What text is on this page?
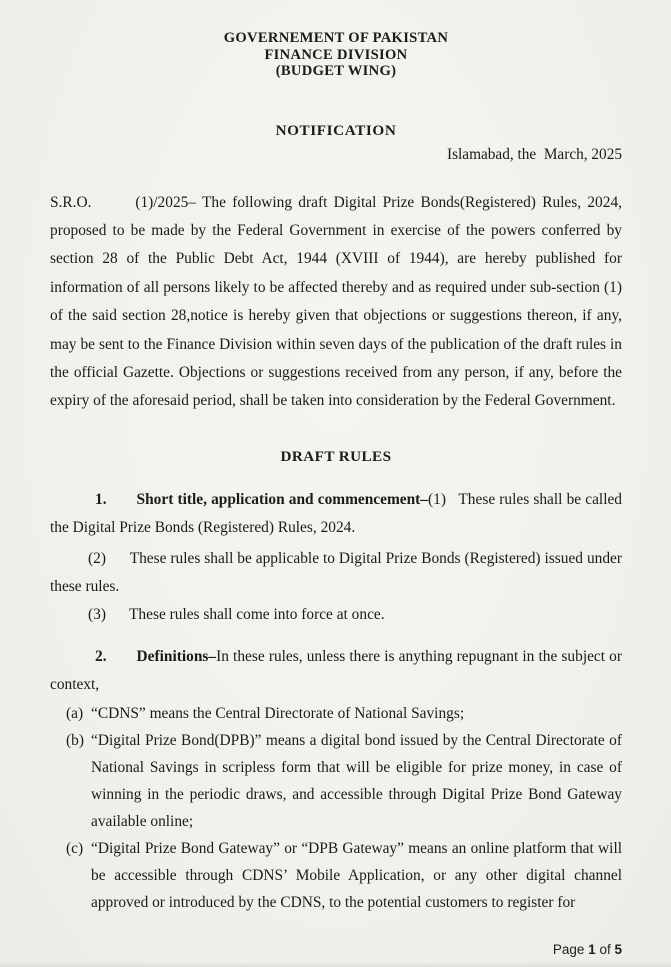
GOVERNEMENT OF PAKISTAN
FINANCE DIVISION
(BUDGET WING)
NOTIFICATION
Islamabad, the  March, 2025

S.R.O.       (1)/2025– The following draft Digital Prize Bonds(Registered) Rules, 2024, proposed to be made by the Federal Government in exercise of the powers conferred by section 28 of the Public Debt Act, 1944 (XVIII of 1944), are hereby published for information of all persons likely to be affected thereby and as required under sub-section (1) of the said section 28,notice is hereby given that objections or suggestions thereon, if any, may be sent to the Finance Division within seven days of the publication of the draft rules in the official Gazette. Objections or suggestions received from any person, if any, before the expiry of the aforesaid period, shall be taken into consideration by the Federal Government.

DRAFT RULES

1. Short title, application and commencement–(1)   These rules shall be called the Digital Prize Bonds (Registered) Rules, 2024.

(2)      These rules shall be applicable to Digital Prize Bonds (Registered) issued under these rules.

(3)      These rules shall come into force at once.

2. Definitions–In these rules, unless there is anything repugnant in the subject or context,

(a) “CDNS” means the Central Directorate of National Savings;
(b) “Digital Prize Bond(DPB)” means a digital bond issued by the Central Directorate of National Savings in scripless form that will be eligible for prize money, in case of winning in the periodic draws, and accessible through Digital Prize Bond Gateway available online;
(c) “Digital Prize Bond Gateway” or “DPB Gateway” means an online platform that will be accessible through CDNS’ Mobile Application, or any other digital channel approved or introduced by the CDNS, to the potential customers to register for
Page 1 of 5
